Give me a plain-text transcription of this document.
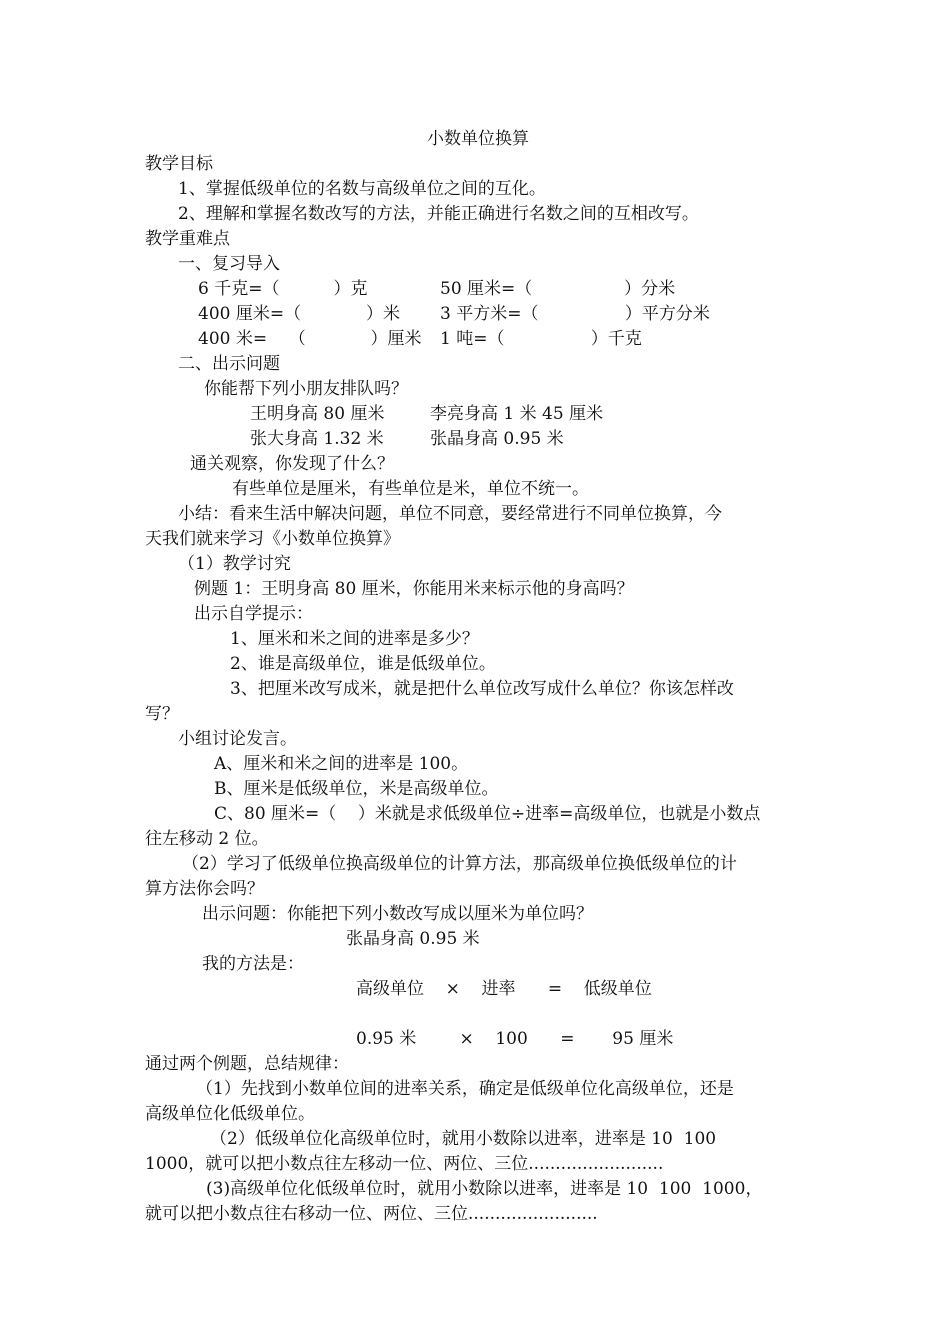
小数单位换算
教学目标
1、掌握低级单位的名数与高级单位之间的互化。
2、理解和掌握名数改写的方法，并能正确进行名数之间的互相改写。
教学重难点
一、复习导入
6 千克=（          ）克	50 厘米=（                 ）分米
400 厘米=（            ）米 3 平方米=（                ）平方分米
400 米=    （            ）厘米 1 吨=（                ）千克
二、出示问题
你能帮下列小朋友排队吗？
王明身高 80 厘米	李亮身高 1 米 45 厘米
张大身高 1.32 米	张晶身高 0.95 米
通关观察，你发现了什么？
有些单位是厘米，有些单位是米，单位不统一。
小结：看来生活中解决问题，单位不同意，要经常进行不同单位换算，今
天我们就来学习《小数单位换算》
（1）教学讨究
例题 1：王明身高 80 厘米，你能用米来标示他的身高吗？
出示自学提示：
1、厘米和米之间的进率是多少？
2、谁是高级单位，谁是低级单位。
3、把厘米改写成米，就是把什么单位改写成什么单位？你该怎样改
写？
小组讨论发言。
A、厘米和米之间的进率是 100。
B、厘米是低级单位，米是高级单位。
C、80 厘米=（    ）米就是求低级单位÷进率=高级单位，也就是小数点
往左移动 2 位。
（2）学习了低级单位换高级单位的计算方法，那高级单位换低级单位的计
算方法你会吗？
出示问题：你能把下列小数改写成以厘米为单位吗？
张晶身高 0.95 米
我的方法是：
高级单位    ×    进率      =    低级单位
0.95 米        ×    100      =       95 厘米
通过两个例题，总结规律：
（1）先找到小数单位间的进率关系，确定是低级单位化高级单位，还是
高级单位化低级单位。
（2）低级单位化高级单位时，就用小数除以进率，进率是 10  100
1000，就可以把小数点往左移动一位、两位、三位.........................
(3)高级单位化低级单位时，就用小数除以进率，进率是 10  100  1000，
就可以把小数点往右移动一位、两位、三位........................
